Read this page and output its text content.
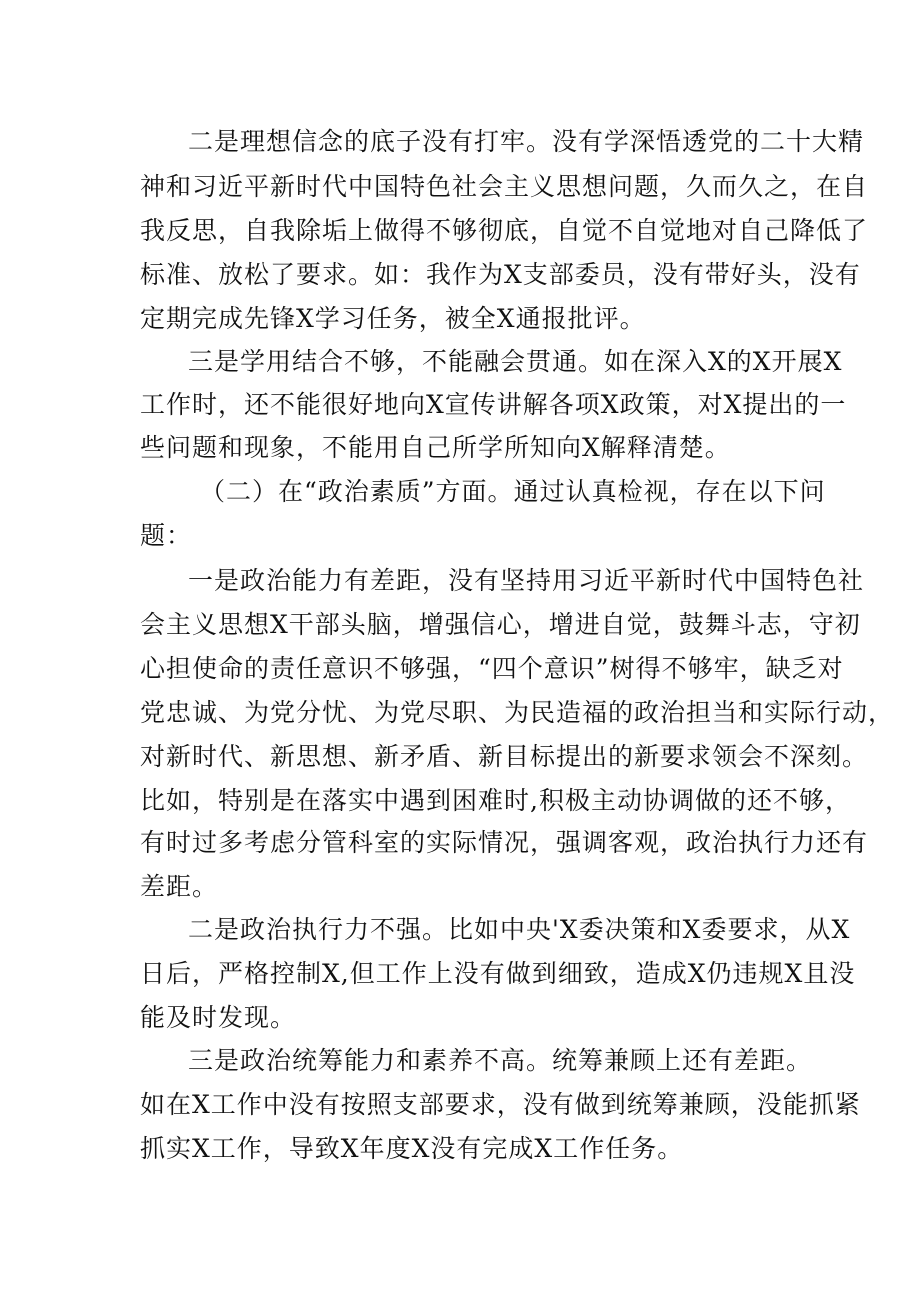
二是理想信念的底子没有打牢。没有学深悟透党的二十大精
神和习近平新时代中国特色社会主义思想问题，久而久之，在自
我反思，自我除垢上做得不够彻底，自觉不自觉地对自己降低了
标准、放松了要求。如：我作为X支部委员，没有带好头，没有
定期完成先锋X学习任务，被全X通报批评。
三是学用结合不够，不能融会贯通。如在深入X的X开展X
工作时，还不能很好地向X宣传讲解各项X政策，对X提出的一
些问题和现象，不能用自己所学所知向X解释清楚。
（二）在“政治素质”方面。通过认真检视，存在以下问
题：
一是政治能力有差距，没有坚持用习近平新时代中国特色社
会主义思想X干部头脑，增强信心，增进自觉，鼓舞斗志，守初
心担使命的责任意识不够强，“四个意识”树得不够牢，缺乏对
党忠诚、为党分忧、为党尽职、为民造福的政治担当和实际行动，
对新时代、新思想、新矛盾、新目标提出的新要求领会不深刻。
比如，特别是在落实中遇到困难时,积极主动协调做的还不够，
有时过多考虑分管科室的实际情况，强调客观，政治执行力还有
差距。
二是政治执行力不强。比如中央'X委决策和X委要求，从X
日后，严格控制X,但工作上没有做到细致，造成X仍违规X且没
能及时发现。
三是政治统筹能力和素养不高。统筹兼顾上还有差距。
如在X工作中没有按照支部要求，没有做到统筹兼顾，没能抓紧
抓实X工作，导致X年度X没有完成X工作任务。
